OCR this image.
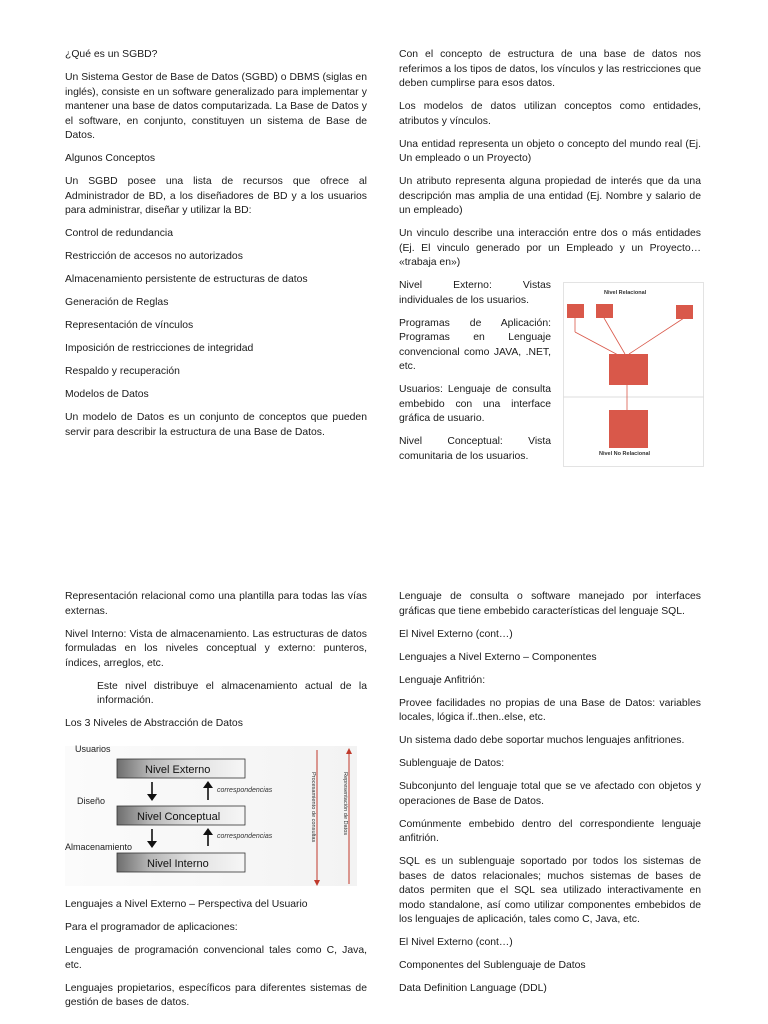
¿Qué es un SGBD?

Un Sistema Gestor de Base de Datos (SGBD) o DBMS (siglas en inglés), consiste en un software generalizado para implementar y mantener una base de datos computarizada. La Base de Datos y el software, en conjunto, constituyen un sistema de Base de Datos.

Algunos Conceptos

Un SGBD posee una lista de recursos que ofrece al Administrador de BD, a los diseñadores de BD y a los usuarios para administrar, diseñar y utilizar la BD:

Control de redundancia

Restricción de accesos no autorizados

Almacenamiento persistente de estructuras de datos

Generación de Reglas

Representación de vínculos

Imposición de restricciones de integridad

Respaldo y recuperación

Modelos de Datos

Un modelo de Datos es un conjunto de conceptos que pueden servir para describir la estructura de una Base de Datos.

Con el concepto de estructura de una base de datos nos referimos a los tipos de datos, los vínculos y las restricciones que deben cumplirse para esos datos.

Los modelos de datos utilizan conceptos como entidades, atributos y vínculos.

Una entidad representa un objeto o concepto del mundo real (Ej. Un empleado o un Proyecto)

Un atributo representa alguna propiedad de interés que da una descripción mas amplia de una entidad (Ej. Nombre y salario de un empleado)

Un vinculo describe una interacción entre dos o más entidades (Ej. El vinculo generado por un Empleado y un Proyecto… «trabaja en»)

Nivel Externo: Vistas individuales de los usuarios.

Programas de Aplicación: Programas en Lenguaje convencional como JAVA, .NET, etc.

Usuarios: Lenguaje de consulta embebido con una interface gráfica de usuario.

Nivel Conceptual: Vista comunitaria de los usuarios.

Nivel Relacional
Nivel No Relacional

Representación relacional como una plantilla para todas las vías externas.

Nivel Interno: Vista de almacenamiento. Las estructuras de datos formuladas en los niveles conceptual y externo: punteros, índices, arreglos, etc.

Este nivel distribuye el almacenamiento actual de la información.

Los 3 Niveles de Abstracción de Datos

Usuarios
Nivel Externo
correspondencias
Diseño
Nivel Conceptual
correspondencias
Almacenamiento
Nivel Interno
Procesamiento de consultas	Representación de Datos

Lenguajes a Nivel Externo – Perspectiva del Usuario

Para el programador de aplicaciones:

Lenguajes de programación convencional tales como C, Java, etc.

Lenguajes propietarios, específicos para diferentes sistemas de gestión de bases de datos.

Lenguaje de consulta o software manejado por interfaces gráficas que tiene embebido características del lenguaje SQL.

El Nivel Externo (cont…)

Lenguajes a Nivel Externo – Componentes

Lenguaje Anfitrión:

Provee facilidades no propias de una Base de Datos: variables locales, lógica if..then..else, etc.

Un sistema dado debe soportar muchos lenguajes anfitriones.

Sublenguaje de Datos:

Subconjunto del lenguaje total que se ve afectado con objetos y operaciones de Base de Datos.

Comúnmente embebido dentro del correspondiente lenguaje anfitrión.

SQL es un sublenguaje soportado por todos los sistemas de bases de datos relacionales; muchos sistemas de bases de datos permiten que el SQL sea utilizado interactivamente en modo standalone, así como utilizar componentes embebidos de los lenguajes de aplicación, tales como C, Java, etc.

El Nivel Externo (cont…)

Componentes del Sublenguaje de Datos

Data Definition Language (DDL)
